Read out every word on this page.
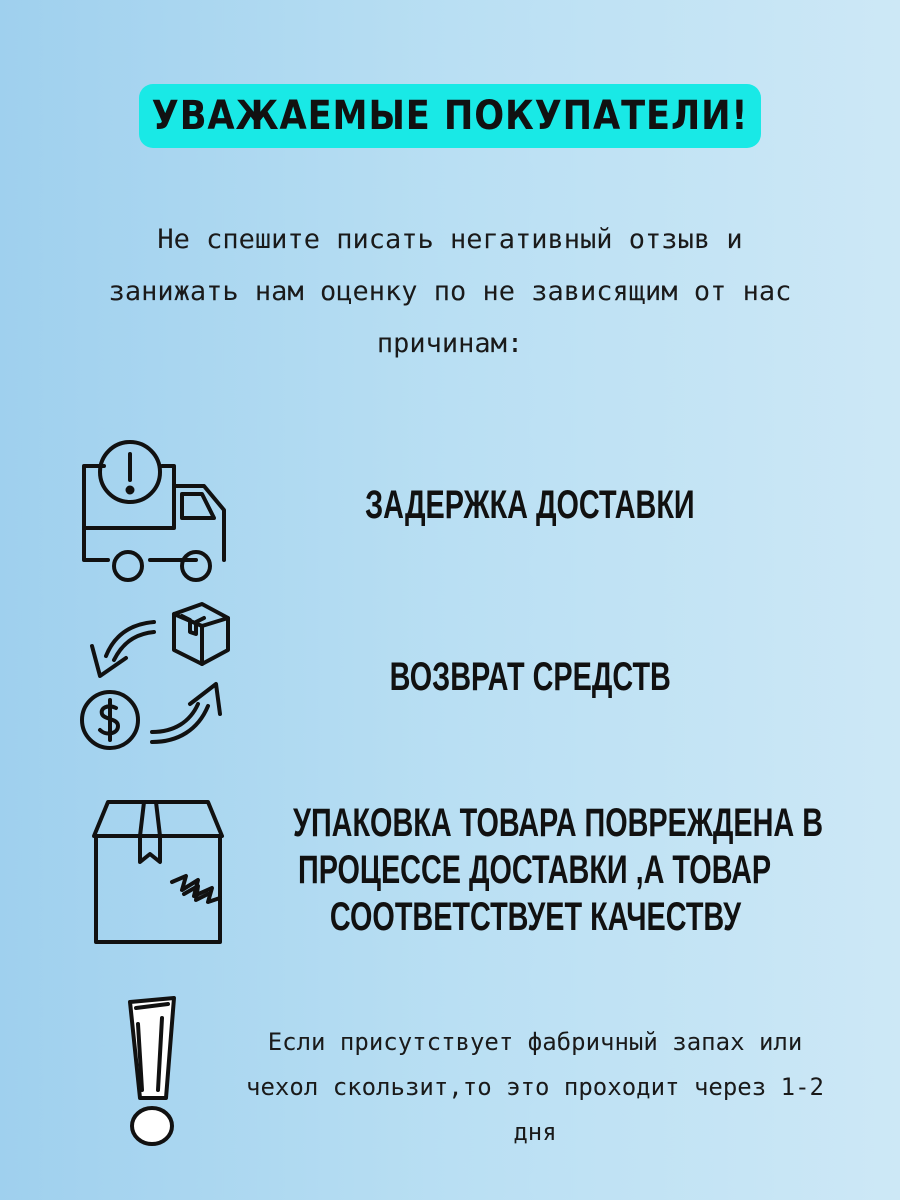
УВАЖАЕМЫЕ ПОКУПАТЕЛИ!

Не спешите писать негативный отзыв и
занижать нам оценку по не зависящим от нас
причинам:

ЗАДЕРЖКА ДОСТАВКИ
ВОЗВРАТ СРЕДСТВ
УПАКОВКА ТОВАРА ПОВРЕЖДЕНА В
ПРОЦЕССЕ ДОСТАВКИ ,А ТОВАР
СООТВЕТСТВУЕТ КАЧЕСТВУ

Если присутствует фабричный запах или
чехол скользит,то это проходит через 1-2
дня
